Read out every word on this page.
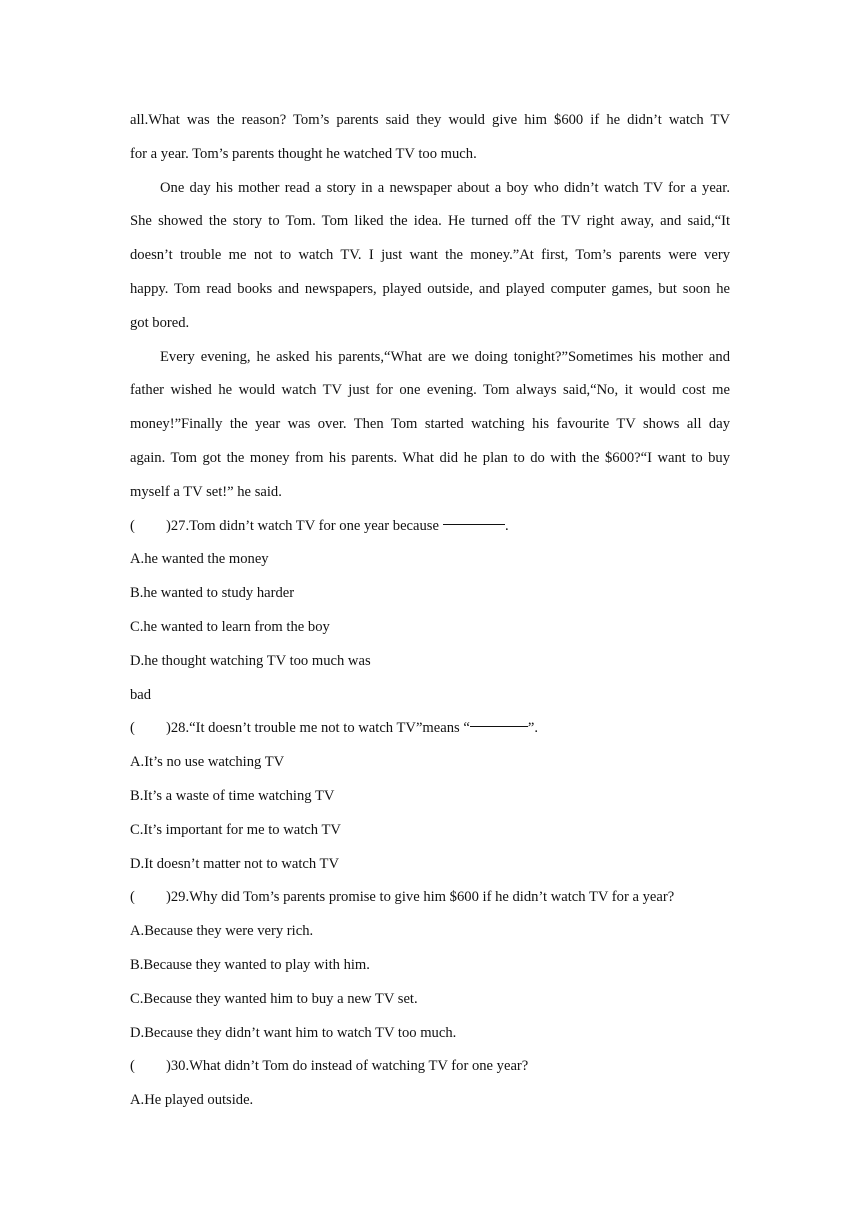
all.What was the reason? Tom’s parents said they would give him $600 if he didn’t watch TV
for a year. Tom’s parents thought he watched TV too much.
One day his mother read a story in a newspaper about a boy who didn’t watch TV for a year.
She showed the story to Tom. Tom liked the idea. He turned off the TV right away, and said,“It
doesn’t trouble me not to watch TV. I just want the money.”At first, Tom’s parents were very
happy. Tom read books and newspapers, played outside, and played computer games, but soon he
got bored.
Every evening, he asked his parents,“What are we doing tonight?”Sometimes his mother and
father wished he would watch TV just for one evening. Tom always said,“No, it would cost me
money!”Finally the year was over. Then Tom started watching his favourite TV shows all day
again. Tom got the money from his parents. What did he plan to do with the $600?“I want to buy
myself a TV set!” he said.
(	) 27.Tom didn’t watch TV for one year because	.
A.he wanted the money
B.he wanted to study harder
C.he wanted to learn from the boy
D.he thought watching TV too much was
bad
(	) 28.“It doesn’t trouble me not to watch TV”means “	”.
A.It’s no use watching TV
B.It’s a waste of time watching TV
C.It’s important for me to watch TV
D.It doesn’t matter not to watch TV
(	) 29.Why did Tom’s parents promise to give him $600 if he didn’t watch TV for a year?
A.Because they were very rich.
B.Because they wanted to play with him.
C.Because they wanted him to buy a new TV set.
D.Because they didn’t want him to watch TV too much.
(	) 30.What didn’t Tom do instead of watching TV for one year?
A.He played outside.
